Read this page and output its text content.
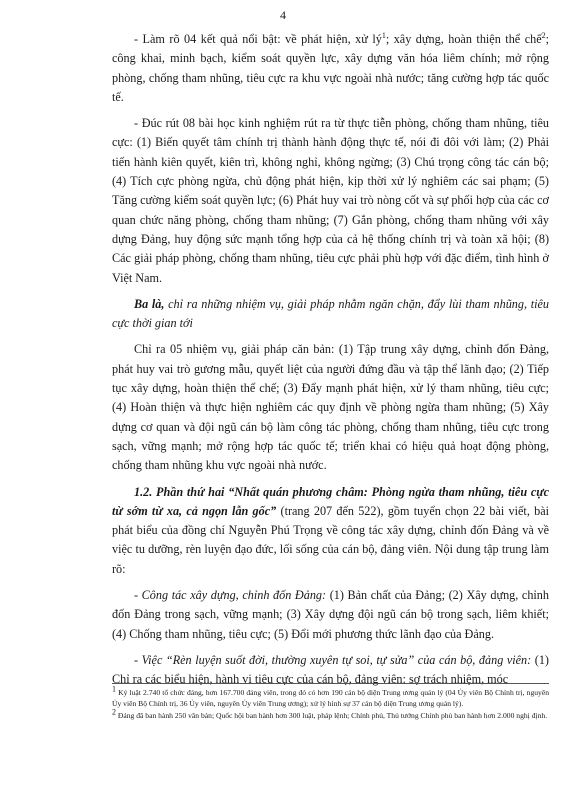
4

- Làm rõ 04 kết quả nổi bật: về phát hiện, xử $lý^1$; xây dựng, hoàn thiện thể chế$^2$; công khai, minh bạch, kiểm soát quyền lực, xây dựng văn hóa liêm chính; mở rộng phòng, chống tham nhũng, tiêu cực ra khu vực ngoài nhà nước; tăng cường hợp tác quốc tế.

- Đúc rút 08 bài học kinh nghiệm rút ra từ thực tiễn phòng, chống tham nhũng, tiêu cực: (1) Biến quyết tâm chính trị thành hành động thực tế, nói đi đôi với làm; (2) Phải tiến hành kiên quyết, kiên trì, không nghỉ, không ngừng; (3) Chú trọng công tác cán bộ; (4) Tích cực phòng ngừa, chủ động phát hiện, kịp thời xử lý nghiêm các sai phạm; (5) Tăng cường kiểm soát quyền lực; (6) Phát huy vai trò nòng cốt và sự phối hợp của các cơ quan chức năng phòng, chống tham nhũng; (7) Gắn phòng, chống tham nhũng với xây dựng Đảng, huy động sức mạnh tổng hợp của cả hệ thống chính trị và toàn xã hội; (8) Các giải pháp phòng, chống tham nhũng, tiêu cực phải phù hợp với đặc điểm, tình hình ở Việt Nam.

Ba là, chỉ ra những nhiệm vụ, giải pháp nhằm ngăn chặn, đẩy lùi tham nhũng, tiêu cực thời gian tới

Chỉ ra 05 nhiệm vụ, giải pháp căn bản: (1) Tập trung xây dựng, chỉnh đốn Đảng, phát huy vai trò gương mẫu, quyết liệt của người đứng đầu và tập thể lãnh đạo; (2) Tiếp tục xây dựng, hoàn thiện thể chế; (3) Đẩy mạnh phát hiện, xử lý tham nhũng, tiêu cực; (4) Hoàn thiện và thực hiện nghiêm các quy định về phòng ngừa tham nhũng; (5) Xây dựng cơ quan và đội ngũ cán bộ làm công tác phòng, chống tham nhũng, tiêu cực trong sạch, vững mạnh; mở rộng hợp tác quốc tế; triển khai có hiệu quả hoạt động phòng, chống tham nhũng khu vực ngoài nhà nước.

1.2. Phần thứ hai “Nhất quán phương châm: Phòng ngừa tham nhũng, tiêu cực từ sớm từ xa, cả ngọn lẫn gốc” (trang 207 đến 522), gồm tuyển chọn 22 bài viết, bài phát biểu của đồng chí Nguyễn Phú Trọng về công tác xây dựng, chỉnh đốn Đảng và về việc tu dưỡng, rèn luyện đạo đức, lối sống của cán bộ, đảng viên. Nội dung tập trung làm rõ:

- Công tác xây dựng, chỉnh đốn Đảng: (1) Bản chất của Đảng; (2) Xây dựng, chỉnh đốn Đảng trong sạch, vững mạnh; (3) Xây dựng đội ngũ cán bộ trong sạch, liêm khiết; (4) Chống tham nhũng, tiêu cực; (5) Đổi mới phương thức lãnh đạo của Đảng.

- Việc “Rèn luyện suốt đời, thường xuyên tự soi, tự sửa” của cán bộ, đảng viên: (1) Chỉ ra các biểu hiện, hành vi tiêu cực của cán bộ, đảng viên: sợ trách nhiệm, móc

$^1$ Kỷ luật 2.740 tổ chức đảng, hơn 167.700 đảng viên, trong đó có hơn 190 cán bộ diện Trung ương quản lý (04 Ủy viên Bộ Chính trị, nguyên Ủy viên Bộ Chính trị, 36 Ủy viên, nguyên Ủy viên Trung ương); xử lý hình sự 37 cán bộ diện Trung ương quản lý).

$^2$ Đảng đã ban hành 250 văn bản; Quốc hội ban hành hơn 300 luật, pháp lệnh; Chính phủ, Thủ tướng Chính phủ ban hành hơn 2.000 nghị định.
